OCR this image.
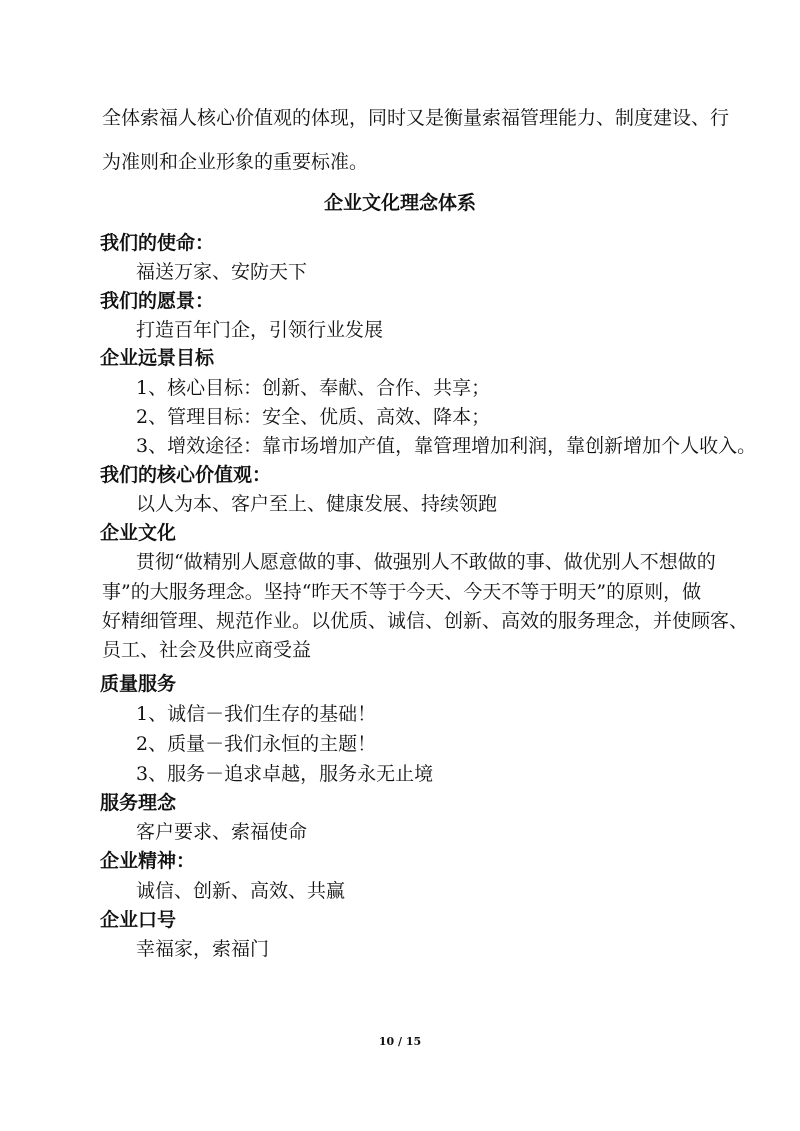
全体索福人核心价值观的体现，同时又是衡量索福管理能力、制度建设、行
为准则和企业形象的重要标准。
企业文化理念体系
我们的使命：
福送万家、安防天下
我们的愿景：
打造百年门企，引领行业发展
企业远景目标
1、核心目标：创新、奉献、合作、共享；
2、管理目标：安全、优质、高效、降本；
3、增效途径：靠市场增加产值，靠管理增加利润，靠创新增加个人收入。
我们的核心价值观：
以人为本、客户至上、健康发展、持续领跑
企业文化
贯彻“做精别人愿意做的事、做强别人不敢做的事、做优别人不想做的
事”的大服务理念。坚持“昨天不等于今天、今天不等于明天”的原则，做
好精细管理、规范作业。以优质、诚信、创新、高效的服务理念，并使顾客、
员工、社会及供应商受益
质量服务
1、诚信－我们生存的基础！
2、质量－我们永恒的主题！
3、服务－追求卓越，服务永无止境
服务理念
客户要求、索福使命
企业精神：
诚信、创新、高效、共赢
企业口号
幸福家，索福门
10 / 15
